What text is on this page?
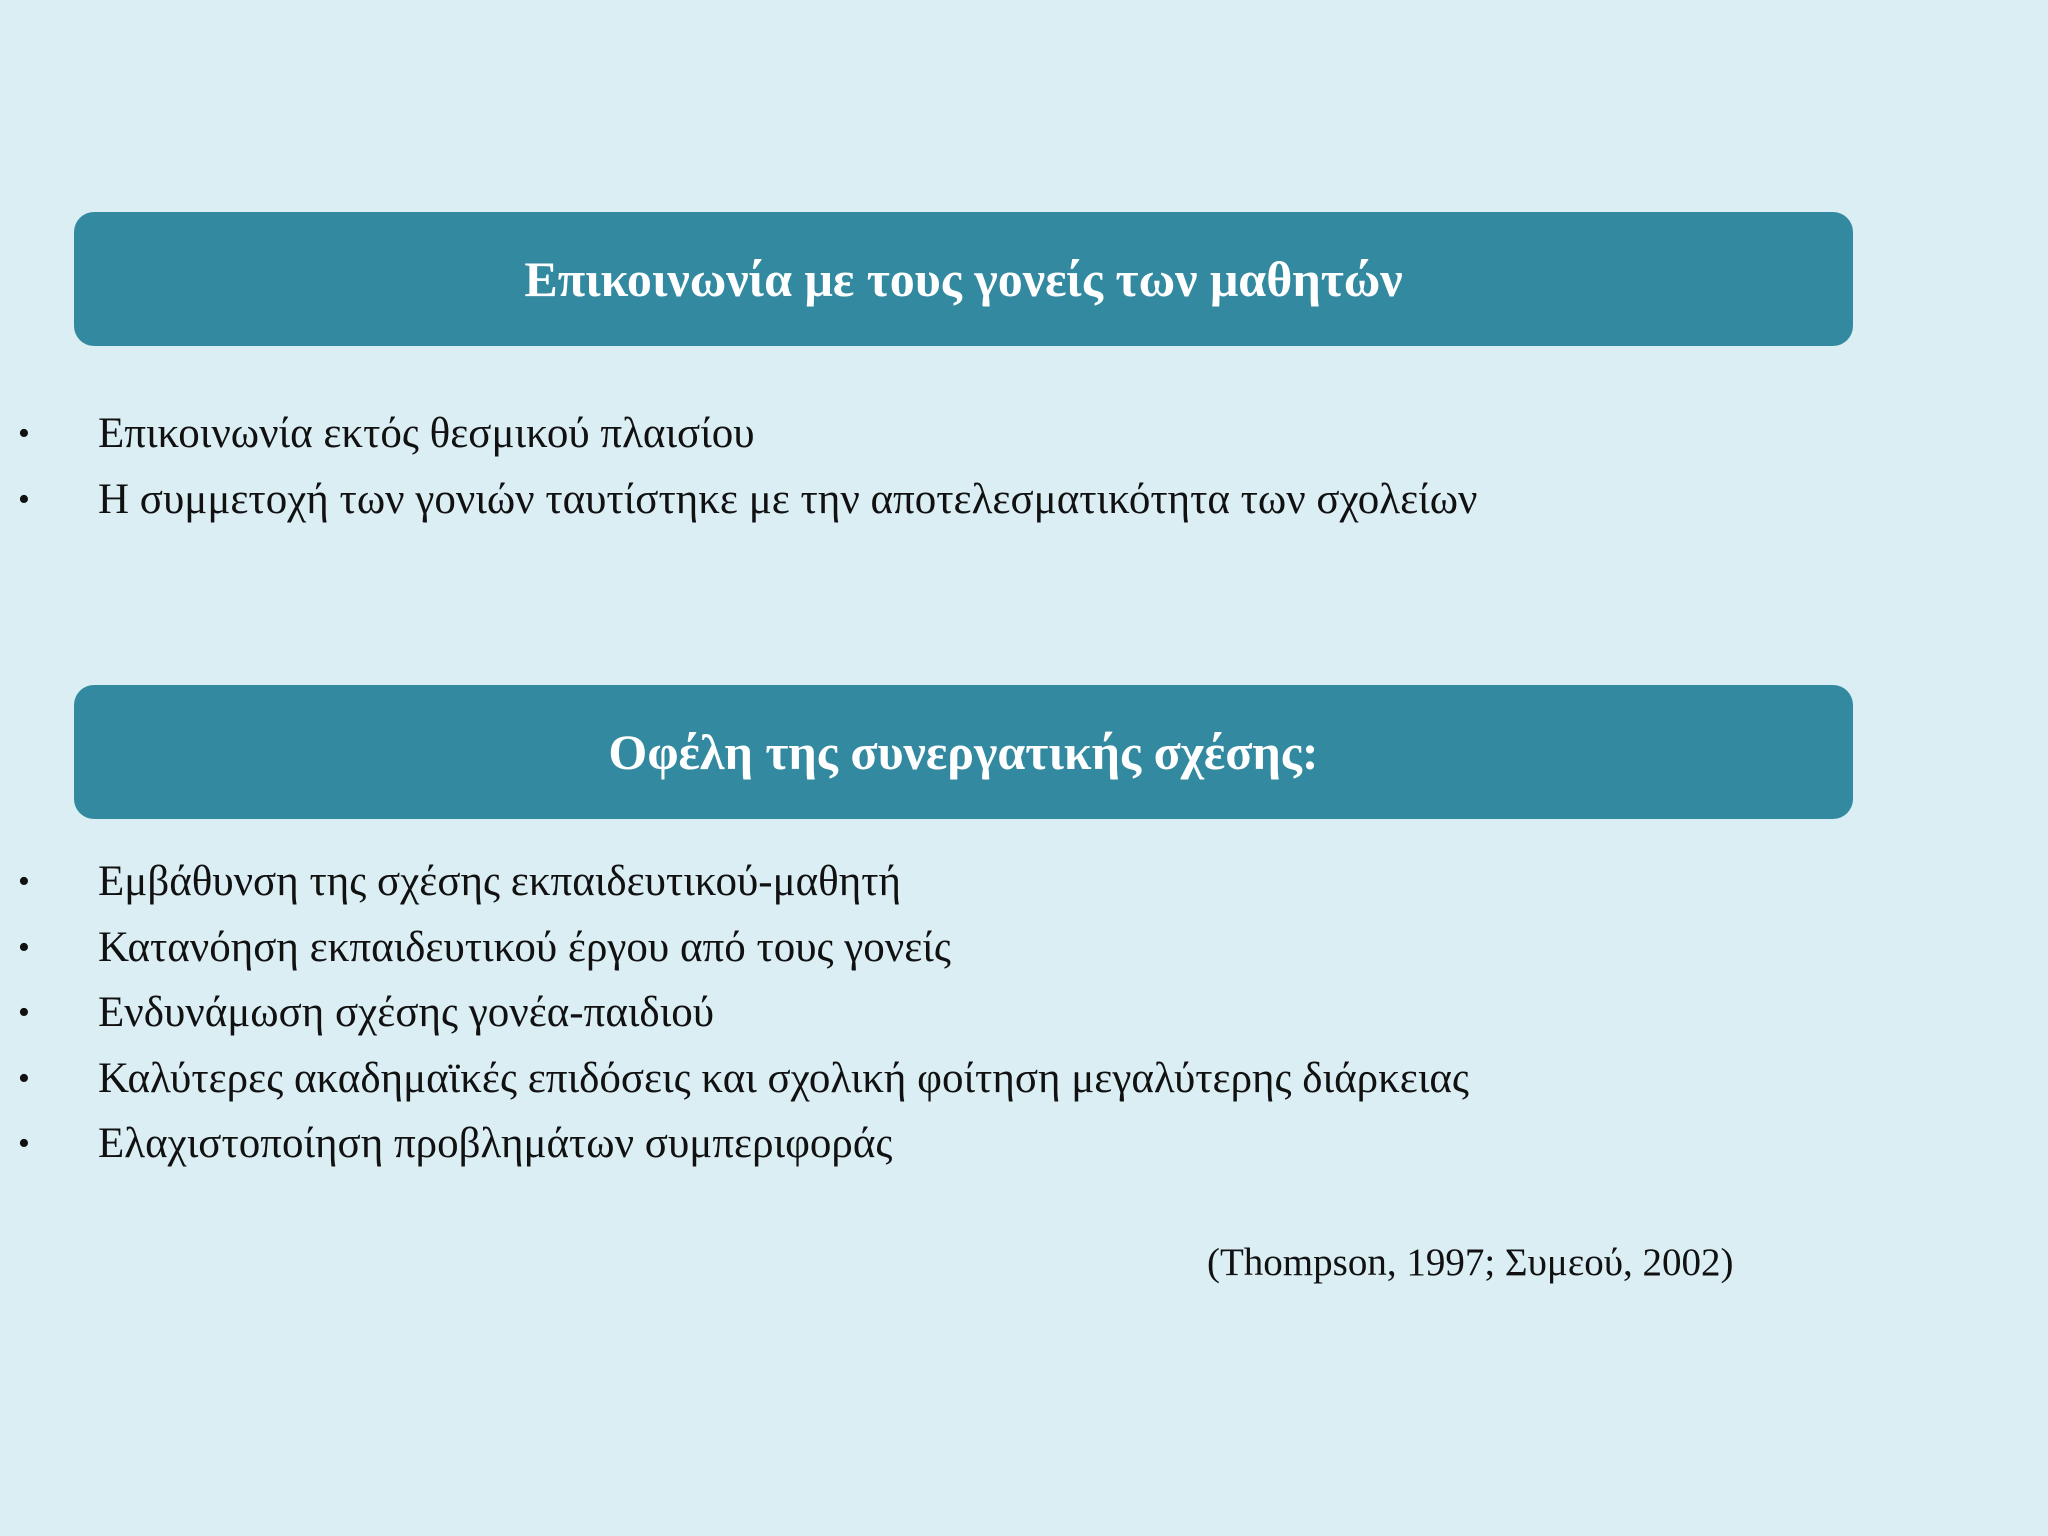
Επικοινωνία με τους γονείς των μαθητών
• Επικοινωνία εκτός θεσμικού πλαισίου
• Η συμμετοχή των γονιών ταυτίστηκε με την αποτελεσματικότητα των σχολείων
Οφέλη της συνεργατικής σχέσης:
• Εμβάθυνση της σχέσης εκπαιδευτικού-μαθητή
• Κατανόηση εκπαιδευτικού έργου από τους γονείς
• Ενδυνάμωση σχέσης γονέα-παιδιού
• Καλύτερες ακαδημαϊκές επιδόσεις και σχολική φοίτηση μεγαλύτερης διάρκειας
• Ελαχιστοποίηση προβλημάτων συμπεριφοράς
(Thompson, 1997; Συμεού, 2002)
